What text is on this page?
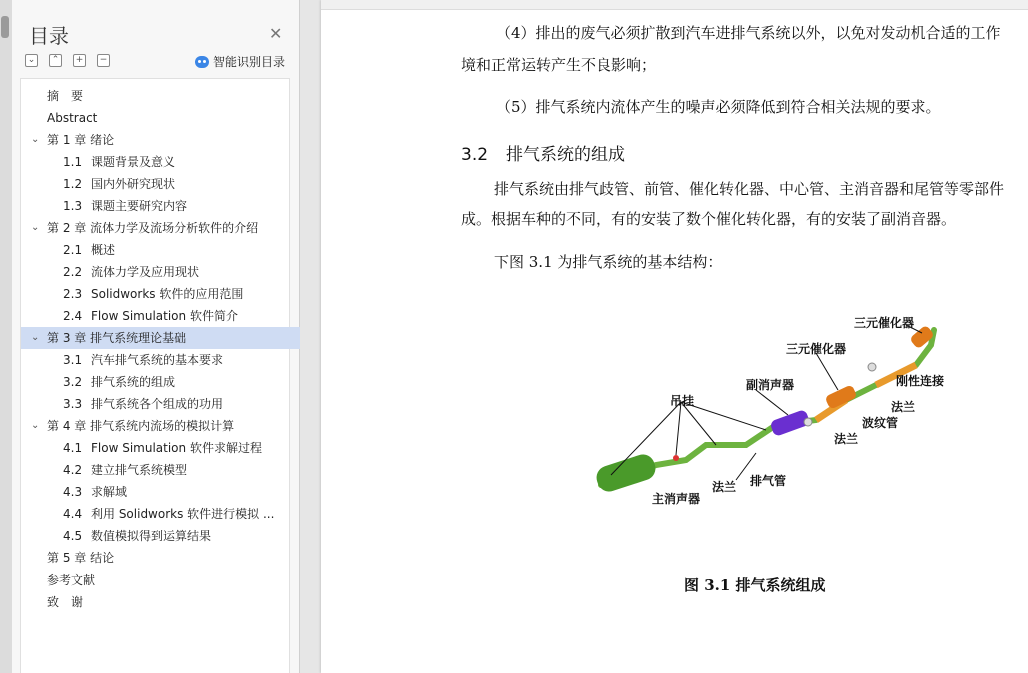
目录	✕
⌄	⌃	+	−	智能识别目录
摘　要
Abstract
⌄ 第 1 章 绪论
1.1 课题背景及意义
1.2 国内外研究现状
1.3 课题主要研究内容
⌄ 第 2 章 流体力学及流场分析软件的介绍
2.1 概述
2.2 流体力学及应用现状
2.3 Solidworks 软件的应用范围
2.4 Flow Simulation 软件简介
⌄ 第 3 章 排气系统理论基础
3.1 汽车排气系统的基本要求
3.2 排气系统的组成
3.3 排气系统各个组成的功用
⌄ 第 4 章 排气系统内流场的模拟计算
4.1 Flow Simulation 软件求解过程
4.2 建立排气系统模型
4.3 求解域
4.4 利用 Solidworks 软件进行模拟 ...
4.5 数值模拟得到运算结果
第 5 章 结论
参考文献
致　谢
（4）排出的废气必须扩散到汽车进排气系统以外，以免对发动机合适的工作
境和正常运转产生不良影响；
（5）排气系统内流体产生的噪声必须降低到符合相关法规的要求。
3.2 排气系统的组成
排气系统由排气歧管、前管、催化转化器、中心管、主消音器和尾管等零部件
成。根据车种的不同，有的安装了数个催化转化器，有的安装了副消音器。
下图 3.1 为排气系统的基本结构：
三元催化器
三元催化器
刚性连接
副消声器
吊挂	法兰
波纹管
法兰
排气管
法兰
主消声器
图 3.1 排气系统组成
